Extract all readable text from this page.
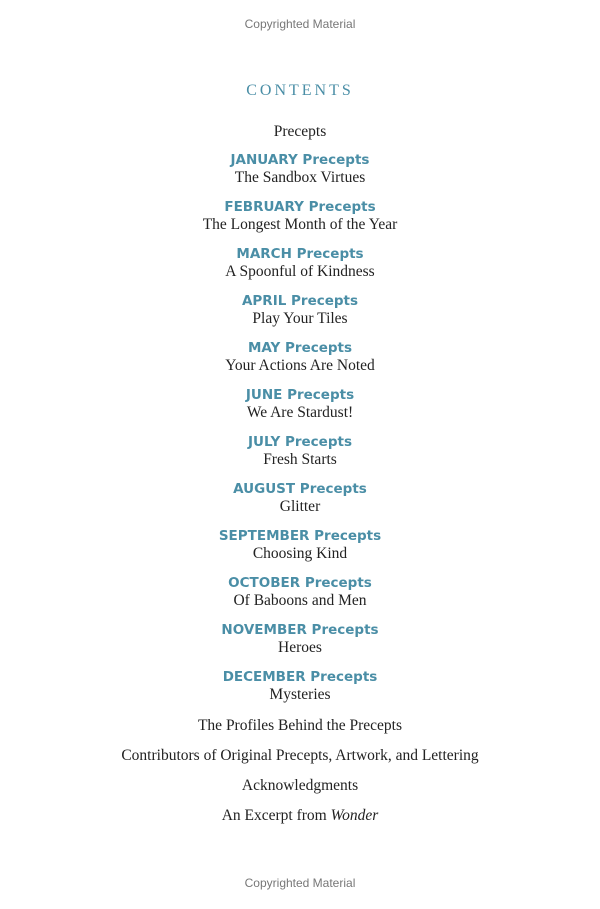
Copyrighted Material
CONTENTS
Precepts
JANUARY Precepts
The Sandbox Virtues
FEBRUARY Precepts
The Longest Month of the Year
MARCH Precepts
A Spoonful of Kindness
APRIL Precepts
Play Your Tiles
MAY Precepts
Your Actions Are Noted
JUNE Precepts
We Are Stardust!
JULY Precepts
Fresh Starts
AUGUST Precepts
Glitter
SEPTEMBER Precepts
Choosing Kind
OCTOBER Precepts
Of Baboons and Men
NOVEMBER Precepts
Heroes
DECEMBER Precepts
Mysteries
The Profiles Behind the Precepts
Contributors of Original Precepts, Artwork, and Lettering
Acknowledgments
An Excerpt from Wonder
Copyrighted Material
